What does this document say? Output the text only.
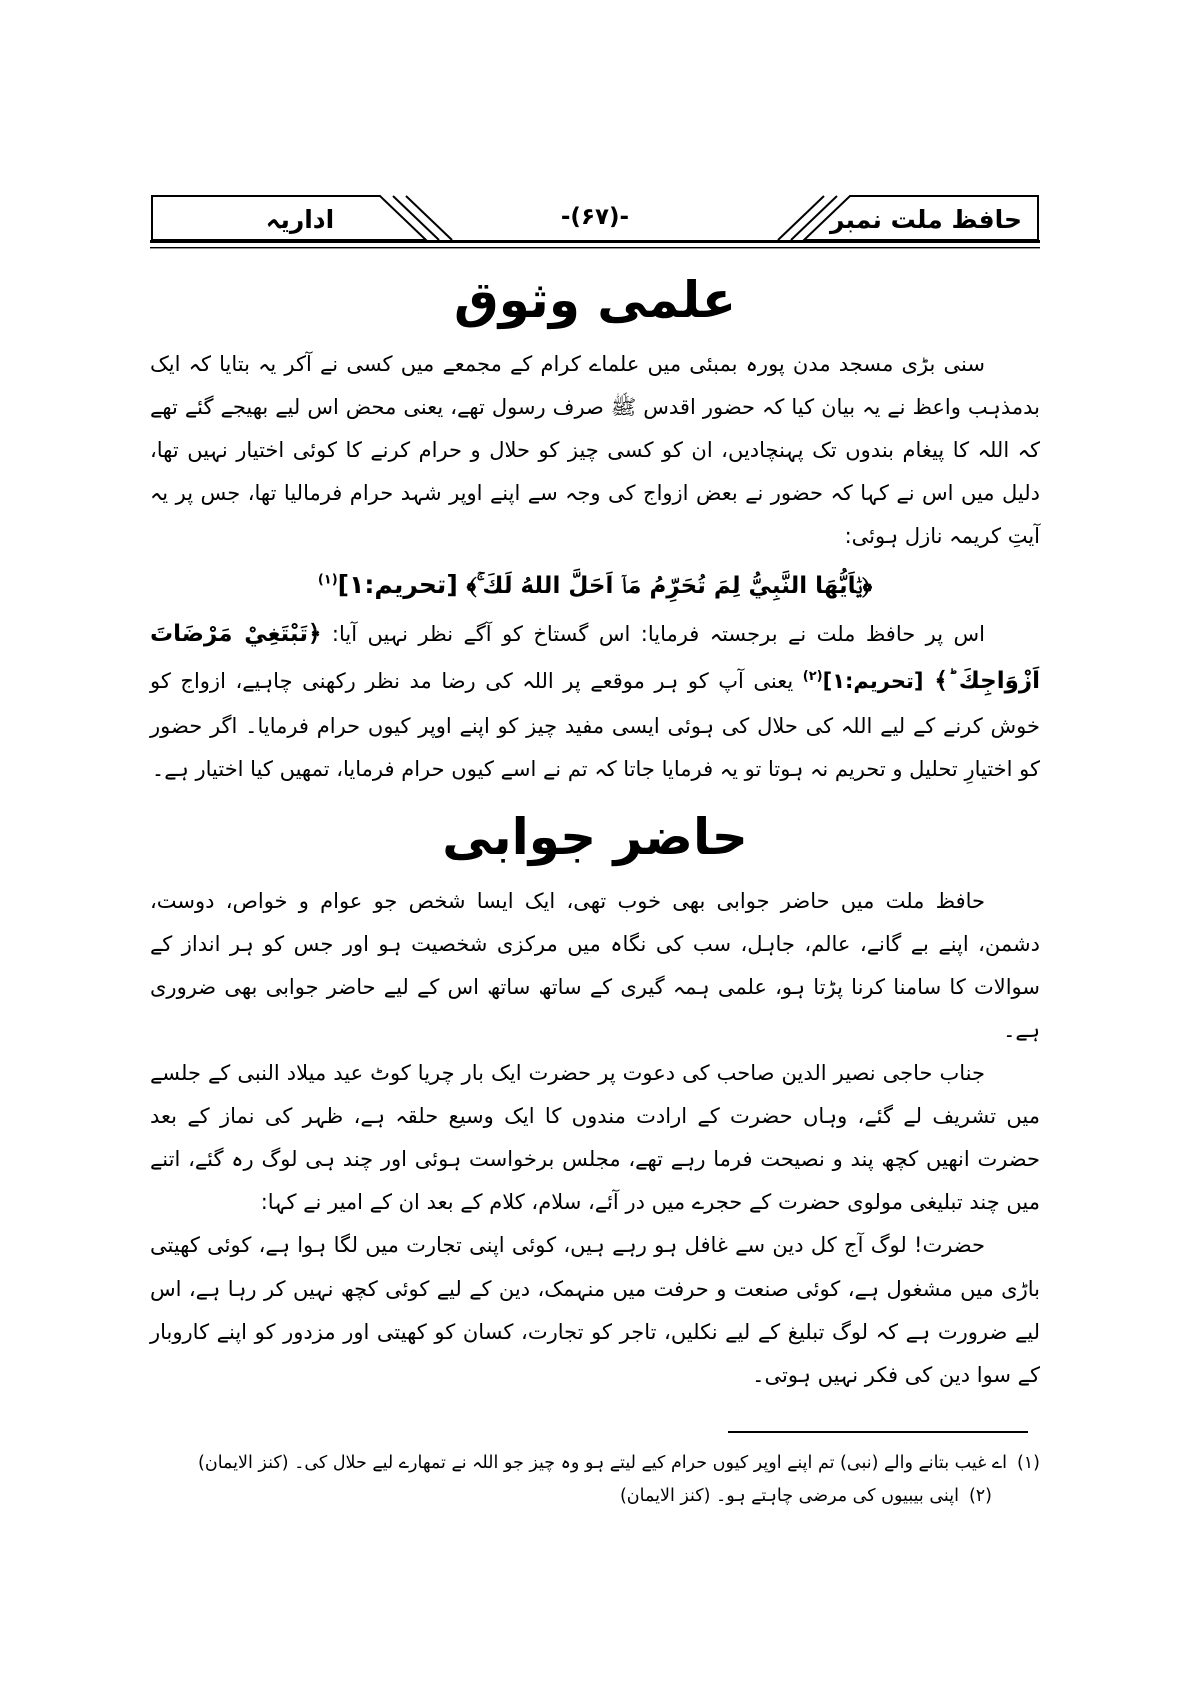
اداریہ	-(۶۷)-	حافظ ملت نمبر
علمی وثوق

سنی بڑی مسجد مدن پورہ بمبئی میں علماے کرام کے مجمعے میں کسی نے آکر یہ بتایا کہ ایک بدمذہب واعظ نے یہ بیان کیا کہ حضور اقدس ﷺ صرف رسول تھے، یعنی محض اس لیے بھیجے گئے تھے کہ اللہ کا پیغام بندوں تک پہنچادیں، ان کو کسی چیز کو حلال و حرام کرنے کا کوئی اختیار نہیں تھا، دلیل میں اس نے کہا کہ حضور نے بعض ازواج کی وجہ سے اپنے اوپر شہد حرام فرمالیا تھا، جس پر یہ آیتِ کریمہ نازل ہوئی:

﴿يٰۤاَيُّهَا النَّبِيُّ لِمَ تُحَرِّمُ مَاۤ اَحَلَّ اللهُ لَكَ ۚ﴾ [تحریم:۱]$^{(۱)}$

اس پر حافظ ملت نے برجستہ فرمایا: اس گستاخ کو آگے نظر نہیں آیا: ﴿تَبْتَغِيْ مَرْضَاتَ اَزْوَاجِكَ ؕ﴾ [تحریم:۱]$^{(۲)}$ یعنی آپ کو ہر موقعے پر اللہ کی رضا مد نظر رکھنی چاہیے، ازواج کو خوش کرنے کے لیے اللہ کی حلال کی ہوئی ایسی مفید چیز کو اپنے اوپر کیوں حرام فرمایا۔ اگر حضور کو اختیارِ تحلیل و تحریم نہ ہوتا تو یہ فرمایا جاتا کہ تم نے اسے کیوں حرام فرمایا، تمھیں کیا اختیار ہے۔

حاضر جوابی

حافظ ملت میں حاضر جوابی بھی خوب تھی، ایک ایسا شخص جو عوام و خواص، دوست، دشمن، اپنے بے گانے، عالم، جاہل، سب کی نگاہ میں مرکزی شخصیت ہو اور جس کو ہر انداز کے سوالات کا سامنا کرنا پڑتا ہو، علمی ہمہ گیری کے ساتھ ساتھ اس کے لیے حاضر جوابی بھی ضروری ہے۔

جناب حاجی نصیر الدین صاحب کی دعوت پر حضرت ایک بار چریا کوٹ عید میلاد النبی کے جلسے میں تشریف لے گئے، وہاں حضرت کے ارادت مندوں کا ایک وسیع حلقہ ہے، ظہر کی نماز کے بعد حضرت انھیں کچھ پند و نصیحت فرما رہے تھے، مجلس برخواست ہوئی اور چند ہی لوگ رہ گئے، اتنے میں چند تبلیغی مولوی حضرت کے حجرے میں در آئے، سلام، کلام کے بعد ان کے امیر نے کہا:

حضرت! لوگ آج کل دین سے غافل ہو رہے ہیں، کوئی اپنی تجارت میں لگا ہوا ہے، کوئی کھیتی باڑی میں مشغول ہے، کوئی صنعت و حرفت میں منہمک، دین کے لیے کوئی کچھ نہیں کر رہا ہے، اس لیے ضرورت ہے کہ لوگ تبلیغ کے لیے نکلیں، تاجر کو تجارت، کسان کو کھیتی اور مزدور کو اپنے کاروبار کے سوا دین کی فکر نہیں ہوتی۔

(۱)اے غیب بتانے والے (نبی) تم اپنے اوپر کیوں حرام کیے لیتے ہو وہ چیز جو اللہ نے تمھارے لیے حلال کی۔ (کنز الایمان)

(۲)اپنی بیبیوں کی مرضی چاہتے ہو۔ (کنز الایمان)
